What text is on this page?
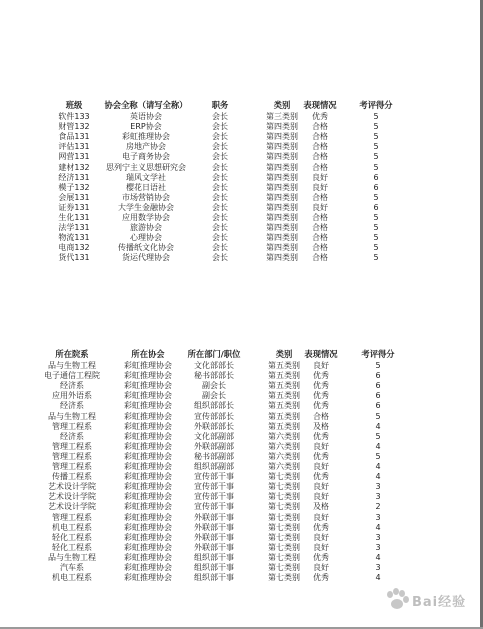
班级	协会全称（请写全称）	职务	类别 表现情况	考评得分
软件133	英语协会	会长	第三类别 优秀	5
财管132	ERP协会	会长	第四类别 合格	5
食品131	彩虹推理协会	会长	第四类别 合格	5
评估131	房地产协会	会长	第四类别 合格	5
网营131	电子商务协会	会长	第四类别 合格	5
建材132 思列宁主义思想研究会	会长	第四类别 合格	5
经济131	瑞风文学社	会长	第四类别 良好	6
模子132	樱花日语社	会长	第四类别 良好	6
会展131	市场营销协会	会长	第四类别 合格	5
证券131	大学生金融协会	会长	第四类别 良好	6
生化131	应用数学协会	会长	第四类别 合格	5
法学131	旅游协会	会长	第四类别 合格	5
物流131	心理协会	会长	第四类别 合格	5
电商132	传播纸文化协会	会长	第四类别 合格	5
货代131	货运代理协会	会长	第四类别 合格	5
所在院系	所在协会	所在部门/职位	类别 表现情况	考评得分
品与生物工程	彩虹推理协会	文化部部长	第五类别 良好	5
电子通信工程院	彩虹推理协会	秘书部部长	第五类别 优秀	6
经济系	彩虹推理协会	副会长	第五类别 优秀	6
应用外语系	彩虹推理协会	副会长	第五类别 优秀	6
经济系	彩虹推理协会	组织部部长	第五类别 优秀	6
品与生物工程	彩虹推理协会	宣传部部长	第五类别 合格	5
管理工程系	彩虹推理协会	外联部部长	第五类别 及格	4
经济系	彩虹推理协会	文化部副部	第六类别 优秀	5
管理工程系	彩虹推理协会	外联部副部	第六类别 良好	4
管理工程系	彩虹推理协会	秘书部副部	第六类别 优秀	5
管理工程系	彩虹推理协会	组织部副部	第六类别 良好	4
传播工程系	彩虹推理协会	宣传部干事	第七类别 优秀	4
艺术设计学院	彩虹推理协会	宣传部干事	第七类别 良好	3
艺术设计学院	彩虹推理协会	宣传部干事	第七类别 良好	3
艺术设计学院	彩虹推理协会	宣传部干事	第七类别 及格	2
管理工程系	彩虹推理协会	外联部干事	第七类别 良好	3
机电工程系	彩虹推理协会	外联部干事	第七类别 优秀	4
轻化工程系	彩虹推理协会	外联部干事	第七类别 良好	3
轻化工程系	彩虹推理协会	外联部干事	第七类别 良好	3
品与生物工程	彩虹推理协会	组织部干事	第七类别 优秀	4
汽车系	彩虹推理协会	组织部干事	第七类别 良好	3
机电工程系	彩虹推理协会	组织部干事	第七类别 优秀	4
Bai经验
